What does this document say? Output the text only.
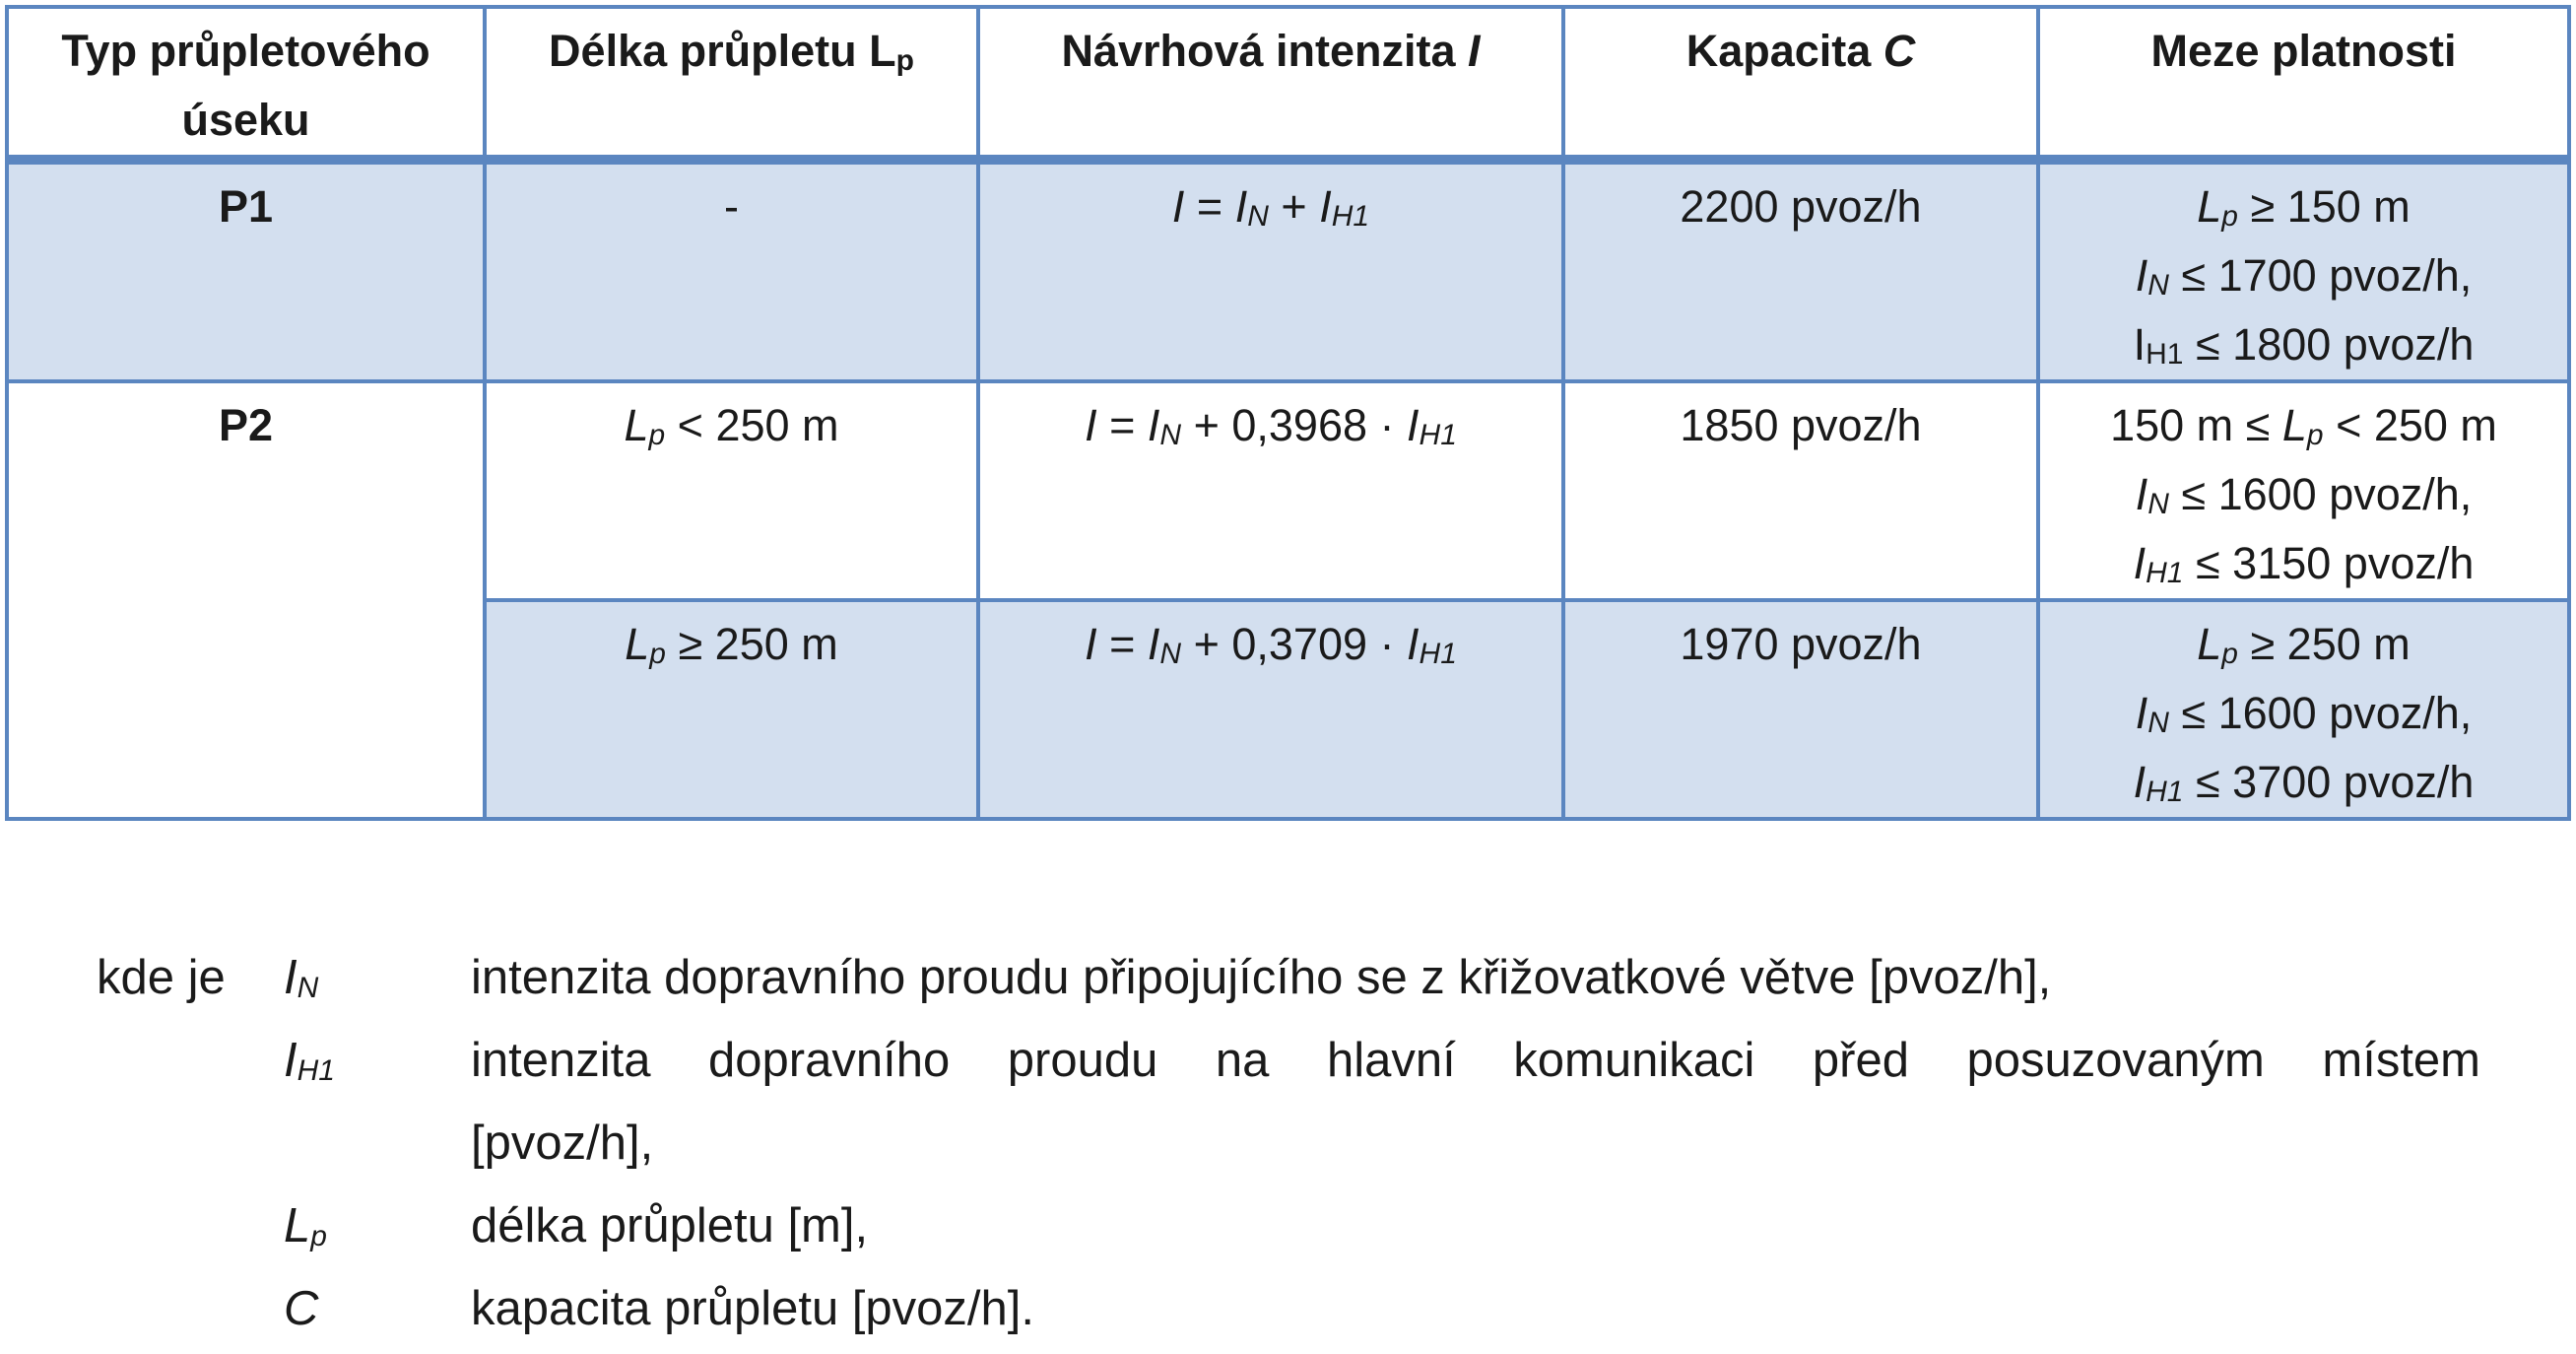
Typ průpletového úseku	Délka průpletu $L_p$	Návrhová intenzita I	Kapacita C	Meze platnosti
P1	-	$I = I_N + I_{H1}$	2200 pvoz/h	$L_p \ge 150$ m
$I_N \le 1700$ pvoz/h,
$I_{H1} \le 1800$ pvoz/h

P2	$L_p < 250$ m	$I = I_N + 0,3968 \cdot I_{H1}$	1850 pvoz/h	150 $m \le L_p < 250$ m
$I_N \le 1600$ pvoz/h,
$I_{H1} \le 3150$ pvoz/h

	$L_p \ge 250$ m	$I = I_N + 0,3709 \cdot I_{H1}$	1970 pvoz/h	$L_p \ge 250$ m
$I_N \le 1600$ pvoz/h,
$I_{H1} \le 3700$ pvoz/h
kde je	$I_N$	intenzita dopravního proudu připojujícího se z křižovatkové větve [pvoz/h],
$I_{H1}$	intenzita dopravního proudu na hlavní komunikaci před posuzovaným místem
[pvoz/h],
$L_p$	délka průpletu [m],
C	kapacita průpletu [pvoz/h].
